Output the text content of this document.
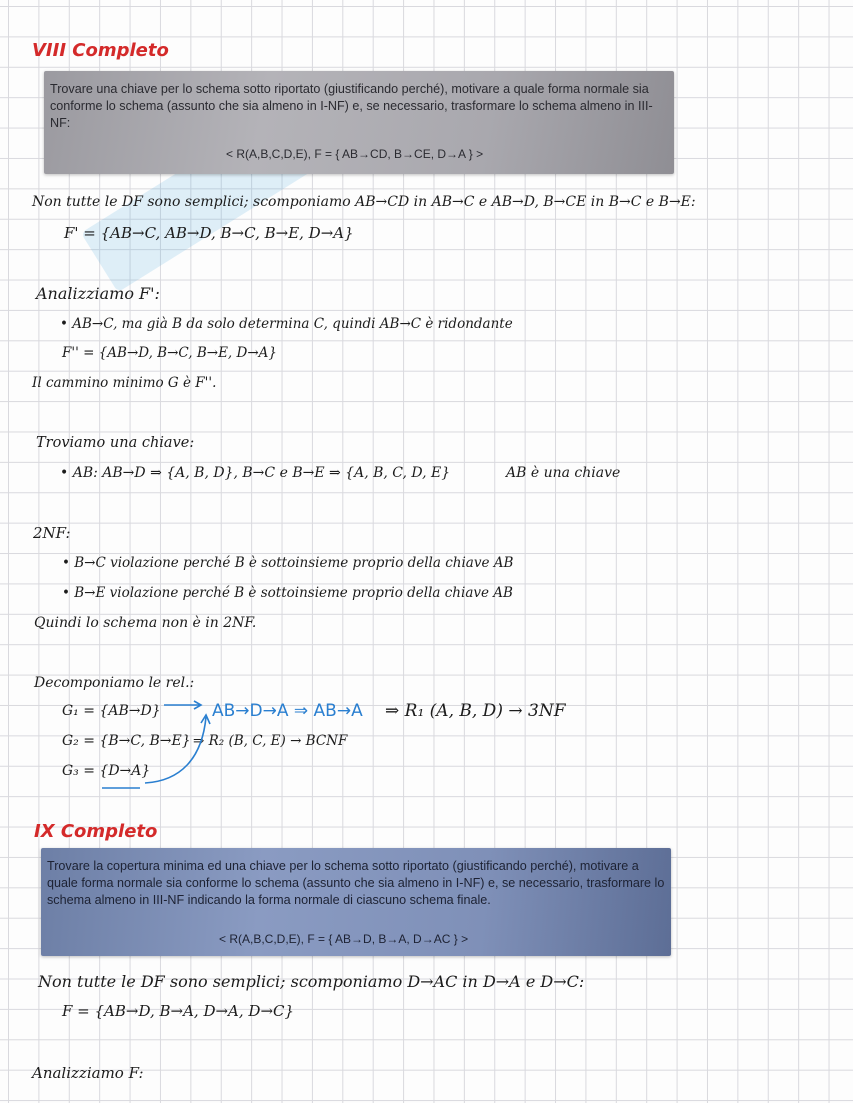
VIII Completo
Trovare una chiave per lo schema sotto riportato (giustificando perché), motivare a quale forma normale sia conforme lo schema (assunto che sia almeno in I-NF) e, se necessario, trasformare lo schema almeno in III-NF:
< R(A,B,C,D,E), F = { AB→CD, B→CE, D→A } >
Non tutte le DF sono semplici; scomponiamo AB→CD in AB→C e AB→D, B→CE in B→C e B→E:
F' = {AB→C, AB→D, B→C, B→E, D→A}
Analizziamo F':
• AB→C, ma già B da solo determina C, quindi AB→C è ridondante
F'' = {AB→D, B→C, B→E, D→A}
Il cammino minimo G è F''.
Troviamo una chiave:
• AB: AB→D ⇒ {A, B, D}, B→C e B→E ⇒ {A, B, C, D, E}	AB è una chiave
2NF:
• B→C violazione perché B è sottoinsieme proprio della chiave AB
• B→E violazione perché B è sottoinsieme proprio della chiave AB
Quindi lo schema non è in 2NF.
Decomponiamo le rel.:
G₁ = {AB→D}	AB→D→A ⇒ AB→A ⇒ R₁ (A, B, D) → 3NF
G₂ = {B→C, B→E} ⇒ R₂ (B, C, E) → BCNF
G₃ = {D→A}
IX Completo
Trovare la copertura minima ed una chiave per lo schema sotto riportato (giustificando perché), motivare a quale forma normale sia conforme lo schema (assunto che sia almeno in I-NF) e, se necessario, trasformare lo schema almeno in III-NF indicando la forma normale di ciascuno schema finale.
< R(A,B,C,D,E), F = { AB→D, B→A, D→AC } >
Non tutte le DF sono semplici; scomponiamo D→AC in D→A e D→C:
F = {AB→D, B→A, D→A, D→C}
Analizziamo F:
